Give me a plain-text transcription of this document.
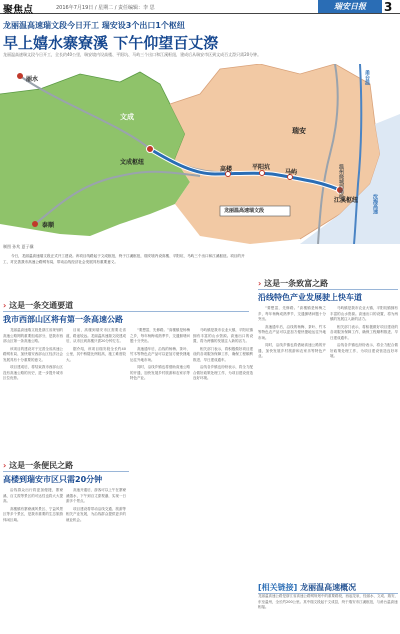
聚焦点	2016年7月19日 / 星期二 / 责任编辑：李 思	瑞安日报	3
龙丽温高速瑞文段今日开工 瑞安设3个出口1个枢纽
早上嬉水寨寮溪 下午仰望百丈漈
龙丽温高速瑞文段今日开工，全长约40公里，瑞安境内设高楼、平阳坑、马屿三个出口和江溪枢纽，建成后从瑞安市区到文成百丈漈只需20分钟。
丽水
泰顺
文成
瑞安
文成枢纽
高楼	平阳坑
马屿
江溪枢纽
龙丽温高速瑞文段
温州绕城西南线
甬台温
沈海高速
制图 孙兆 夏子骥

今日，龙丽温高速瑞文段正式开工建设。该项目线路起于文成枢纽，终于江溪枢纽，瑞安境内设高楼、平阳坑、马屿三个出口和江溪枢纽。项目的开工，对完善我市高速公路网布局，带动沿线经济社会发展具有重要意义。

› 这是一条交通要道
我市西部山区将有第一条高速公路

龙丽温高速瑞文段是浙江省规划的高速公路网的重要组成部分，是我市西部山区第一条高速公路。

该项目的建设对于完善全省高速公路网布局、加快瑞安西部山区经济社会发展具有十分重要的意义。

项目建成后，将结束我市西部山区没有高速公路的历史，进一步提升城市区位优势。

目前，高楼到瑞安市区需要走省道，路途较远。龙丽温高速瑞文段建成后，从市区到高楼只需20分钟左右。

据介绍，该项目瑞安段全长约40公里，其中桥隧比例较高，施工难度较大。

› 这是一条便民之路
高楼到瑞安市区只需20分钟

沿线群众出行将更加便捷，寨寮溪、百丈漈等景区的可达性也将大大提高。

高楼镇有寨寮溪风景区、宁益风景区等多个景区，是我市重要的生态旅游休闲区域。

高速开通后，游客可以上午在寨寮溪嬉水，下午到百丈漈观瀑，实现一日游多个景点。

项目建设将带动沿线交通、旅游等相关产业发展，为沿线群众提供更多的就业机会。

“要想富，先修路。”高楼镇是杨梅之乡，每年杨梅成熟季节，交通拥堵问题十分突出。

高速通车后，沿线的杨梅、茶叶、竹木等特色农产品可以更加方便快捷地运往外地市场。

同时，沿线乡镇也将借助高速公路的开通，加快发展乡村旅游和农家乐等特色产业。

马屿镇是我市农业大镇，平阳坑镇拥有丰富的山水资源。高速出口的设置，将为两镇的发展注入新的活力。

相关部门表示，将积极做好项目建设的各项服务保障工作，确保工程顺利推进、早日建成通车。

沿线各乡镇也纷纷表示，将全力配合做好政策处理工作，为项目建设营造良好环境。

› 这是一条致富之路
沿线特色产业发展驶上快车道

“要想富，先修路。”高楼镇是杨梅之乡，每年杨梅成熟季节，交通拥堵问题十分突出。

高速通车后，沿线的杨梅、茶叶、竹木等特色农产品可以更加方便快捷地运往外地市场。

同时，沿线乡镇也将借助高速公路的开通，加快发展乡村旅游和农家乐等特色产业。

马屿镇是我市农业大镇，平阳坑镇拥有丰富的山水资源。高速出口的设置，将为两镇的发展注入新的活力。

相关部门表示，将积极做好项目建设的各项服务保障工作，确保工程顺利推进、早日建成通车。

沿线各乡镇也纷纷表示，将全力配合做好政策处理工作，为项目建设营造良好环境。

[相关链接] 龙丽温高速概况
龙丽温高速公路是浙江省高速公路网规划中的重要路段，西起龙泉，经丽水、文成、瑞安，东至温州，全长约200公里。其中瑞文段起于文成县，终于瑞安市江溪枢纽，与甬台温高速相接。
